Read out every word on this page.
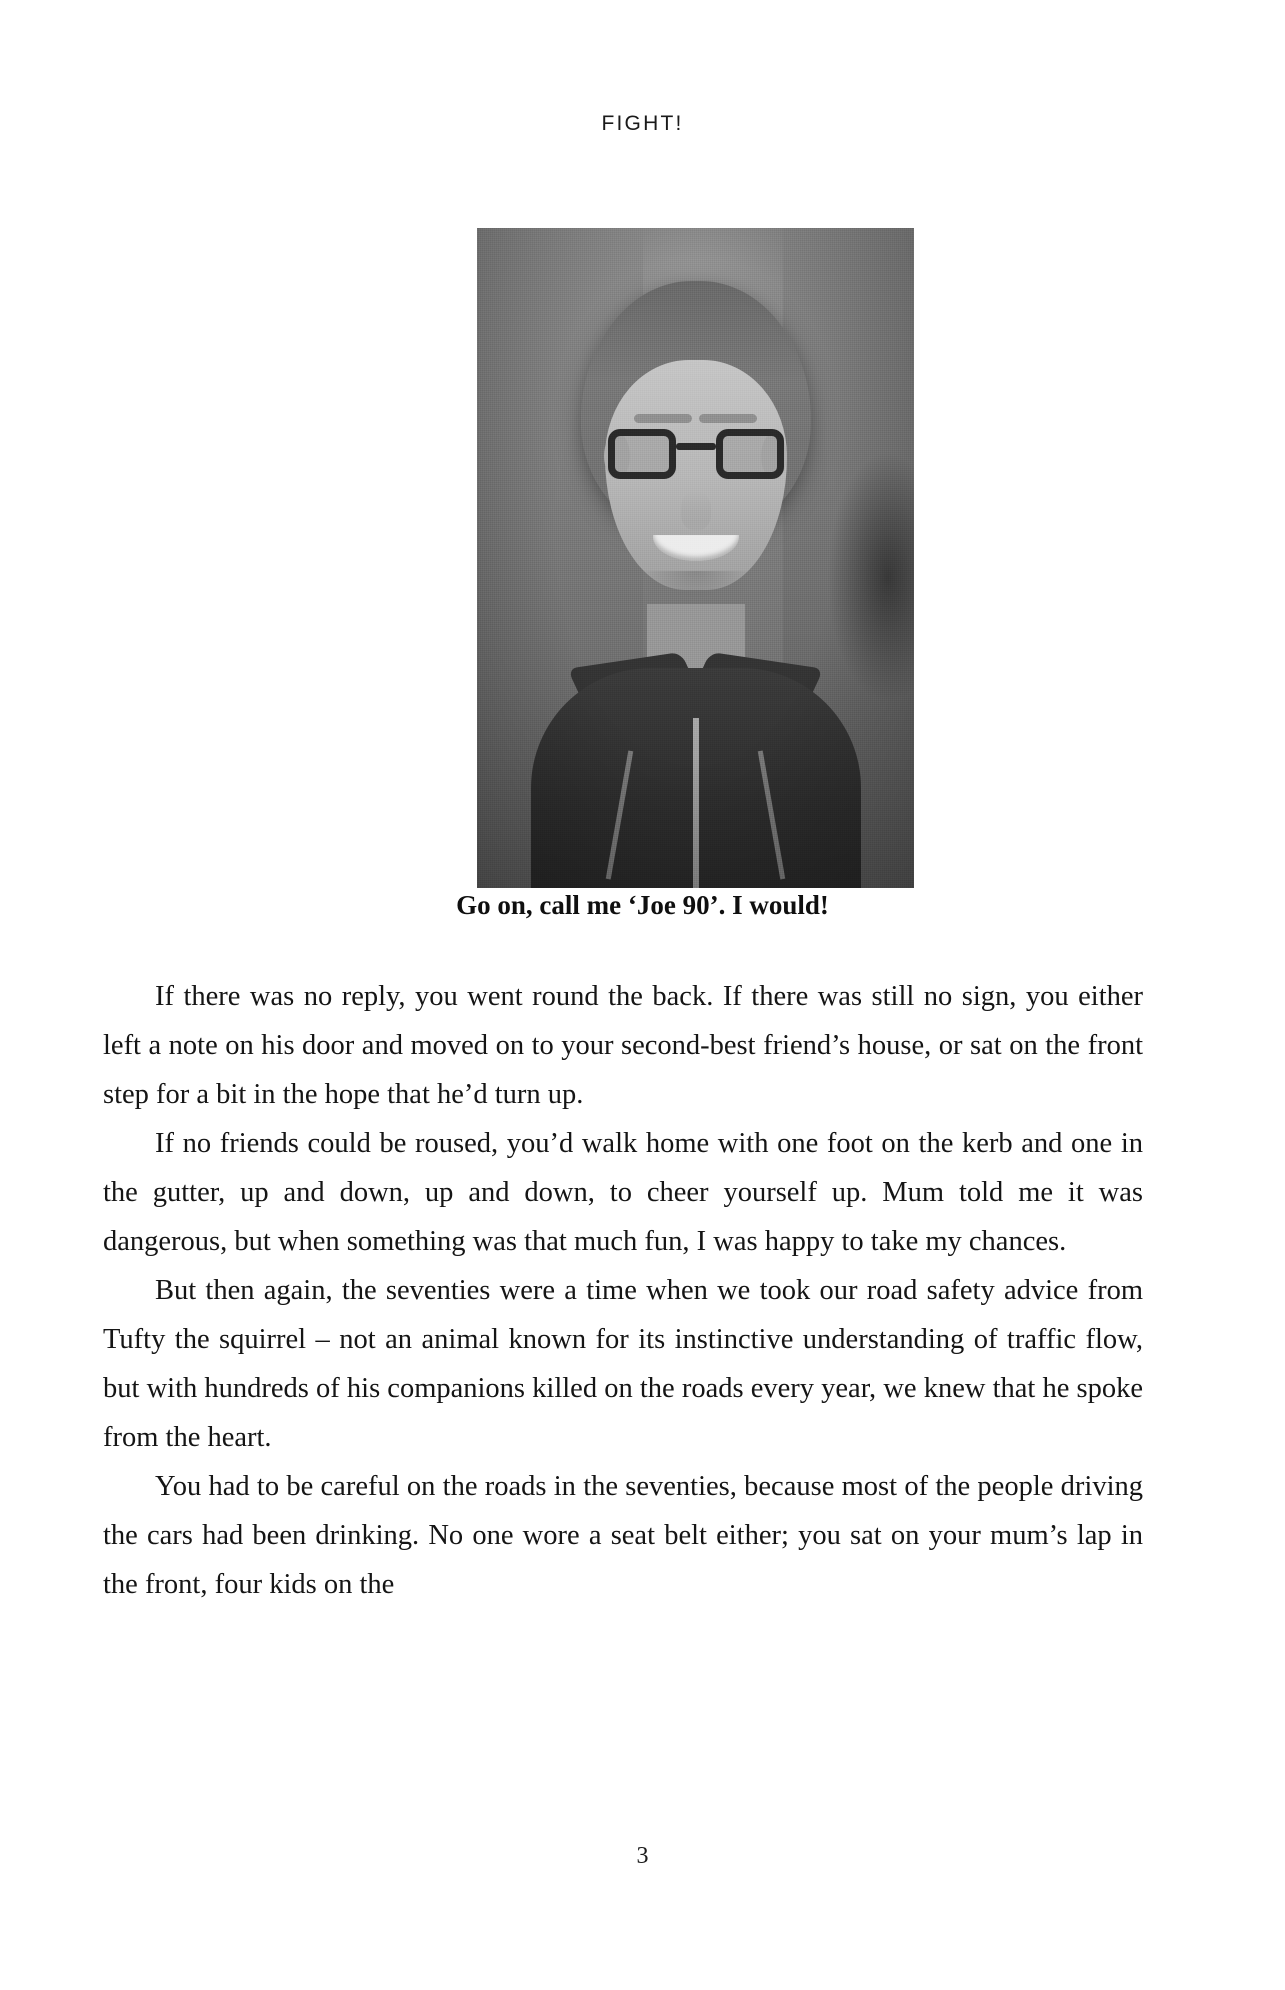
FIGHT!
Go on, call me ‘Joe 90’. I would!

If there was no reply, you went round the back. If there was still no sign, you either left a note on his door and moved on to your second-best friend’s house, or sat on the front step for a bit in the hope that he’d turn up.

If no friends could be roused, you’d walk home with one foot on the kerb and one in the gutter, up and down, up and down, to cheer yourself up. Mum told me it was dangerous, but when something was that much fun, I was happy to take my chances.

But then again, the seventies were a time when we took our road safety advice from Tufty the squirrel – not an animal known for its instinctive understanding of traffic flow, but with hundreds of his companions killed on the roads every year, we knew that he spoke from the heart.

You had to be careful on the roads in the seventies, because most of the people driving the cars had been drinking. No one wore a seat belt either; you sat on your mum’s lap in the front, four kids on the

3
